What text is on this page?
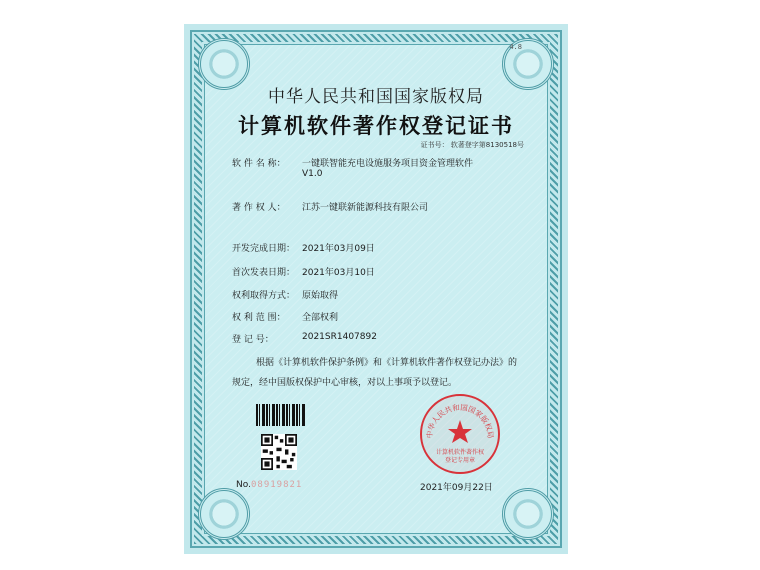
4.8
中华人民共和国国家版权局
计算机软件著作权登记证书
证书号： 软著登字第8130518号
软 件 名 称： 一键联智能充电设施服务项目资金管理软件
V1.0
著 作 权 人： 江苏一键联新能源科技有限公司
开发完成日期： 2021年03月09日
首次发表日期： 2021年03月10日
权利取得方式： 原始取得
权 利 范 围： 全部权利
登 记 号：	2021SR1407892
根据《计算机软件保护条例》和《计算机软件著作权登记办法》的
规定，经中国版权保护中心审核，对以上事项予以登记。
No. 08919821
中华人民共和国国家版权局
计算机软件著作权
登记专用章
2021年09月22日
